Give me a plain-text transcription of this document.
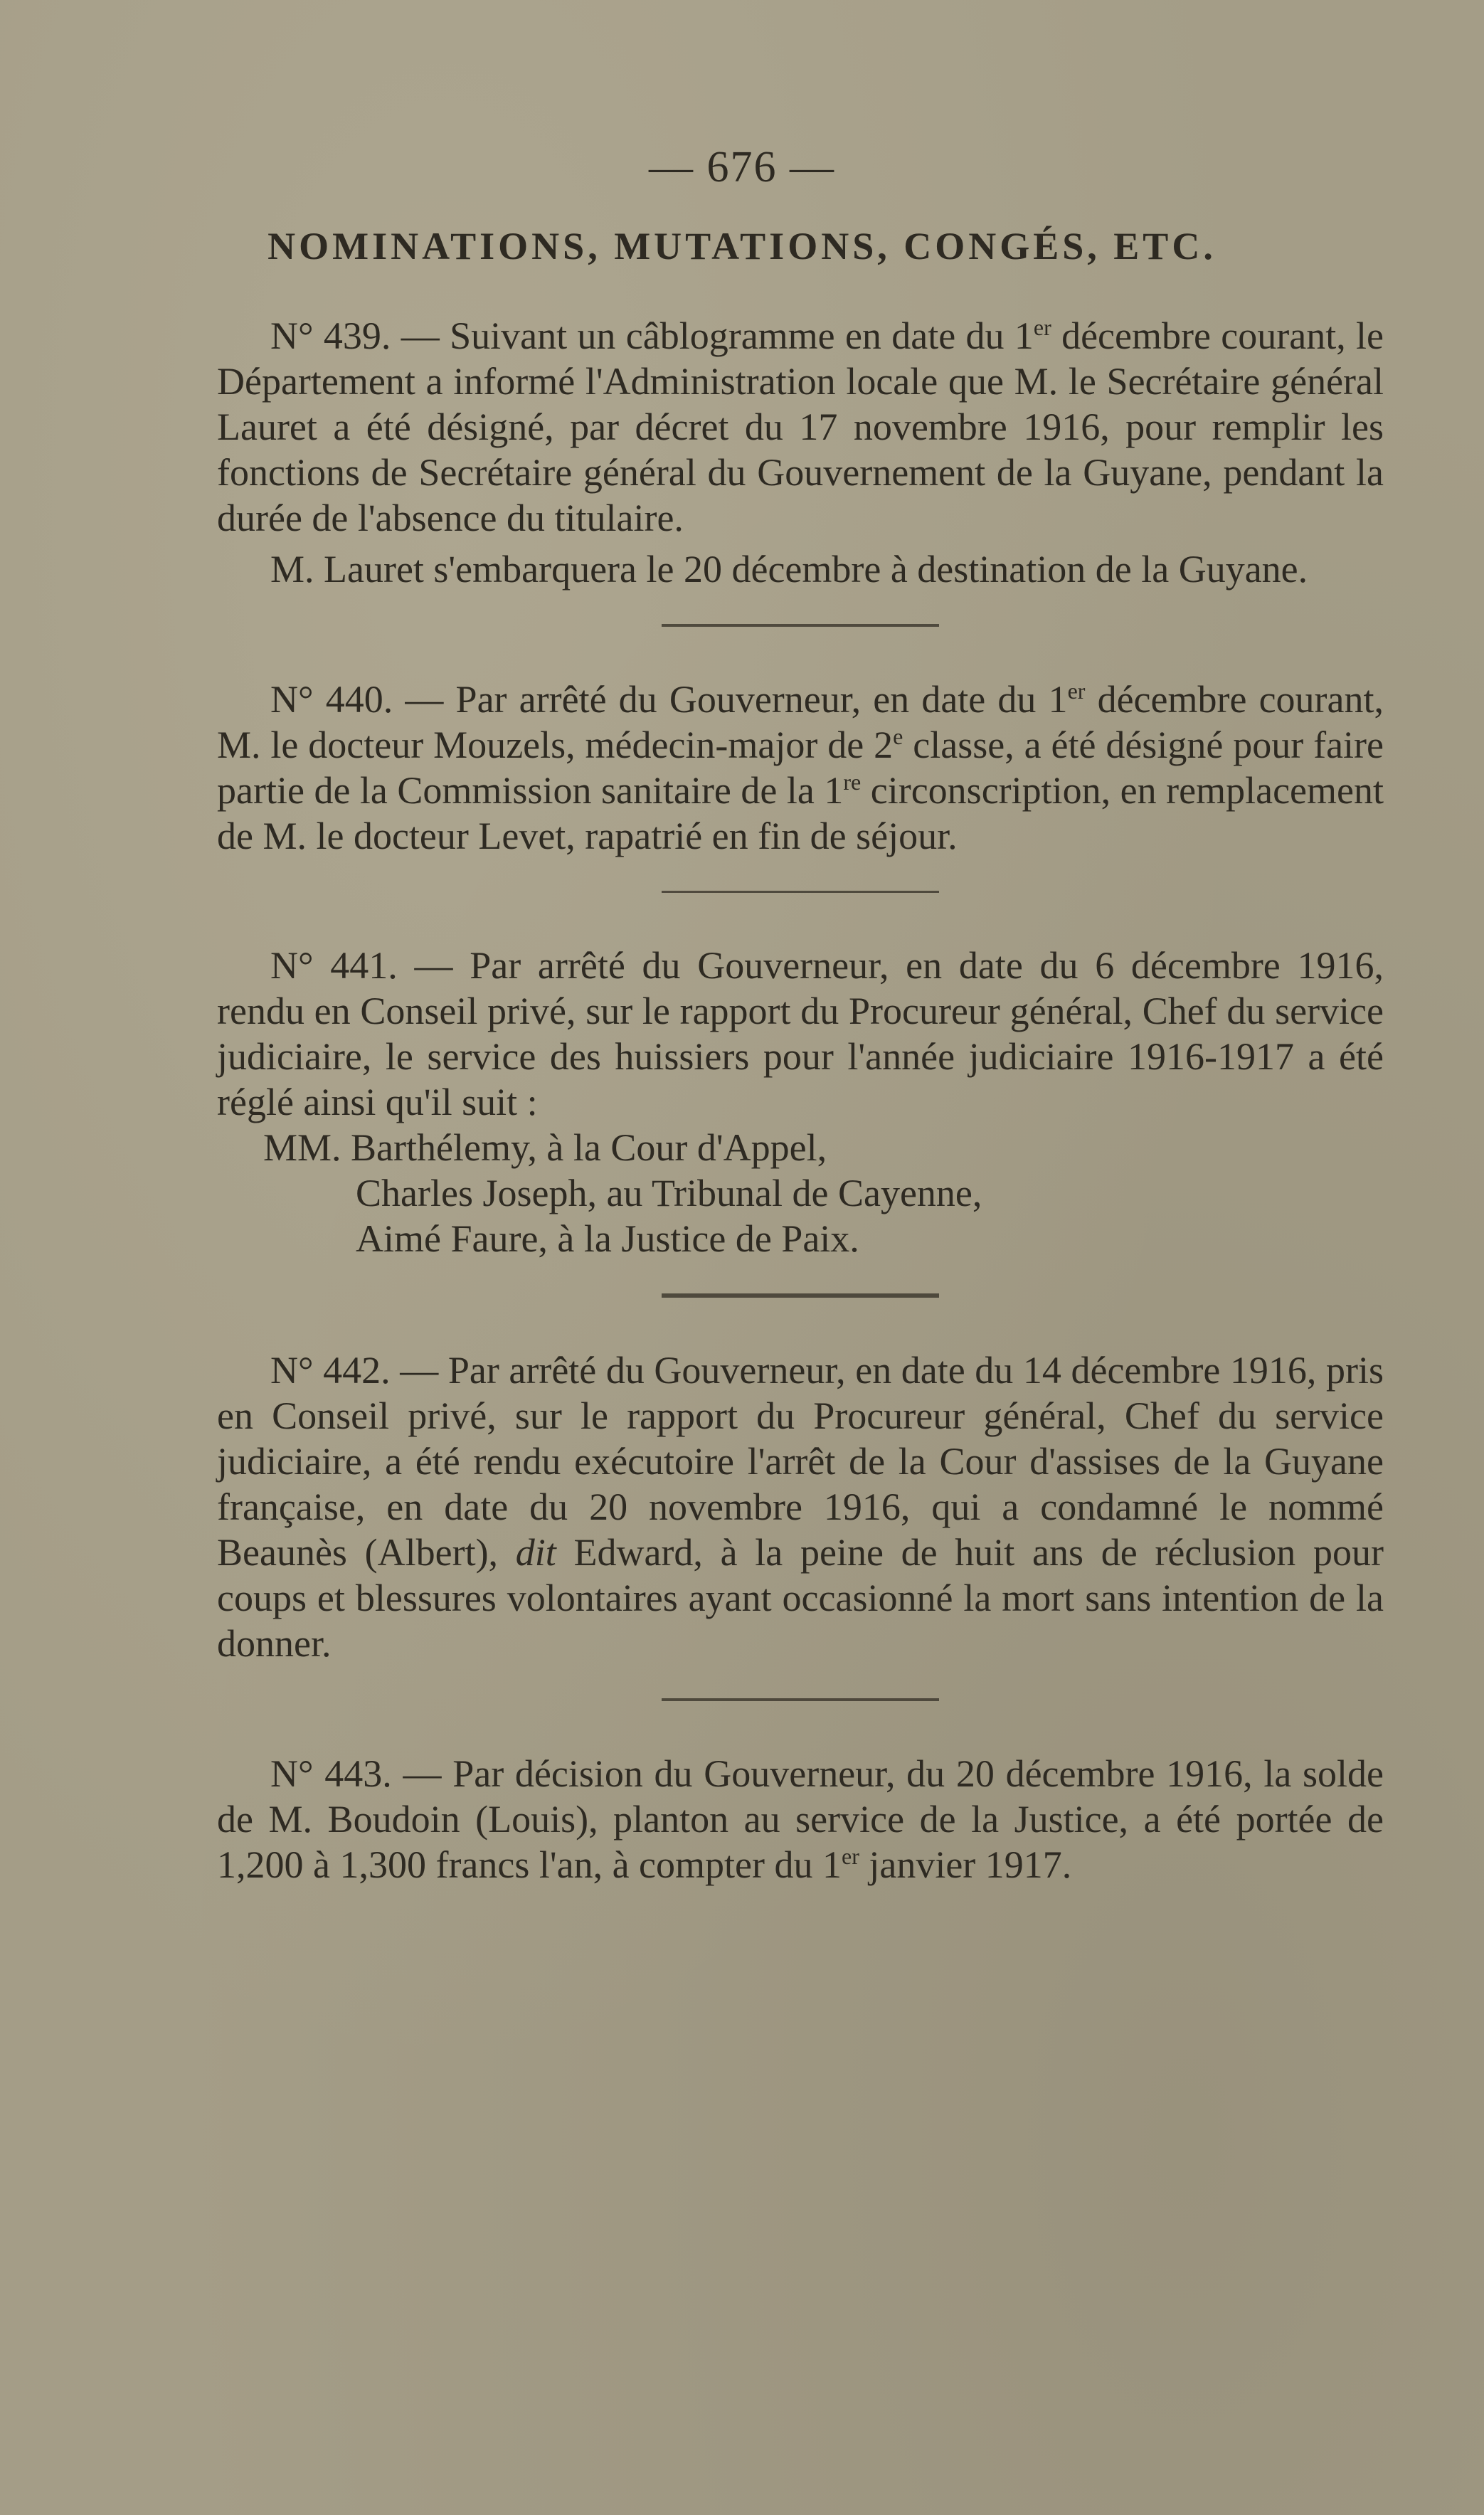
— 676 —
NOMINATIONS, MUTATIONS, CONGÉS, ETC.

N° 439. — Suivant un câblogramme en date du 1er décembre courant, le Département a informé l'Administration locale que M. le Secrétaire général Lauret a été désigné, par décret du 17 novembre 1916, pour remplir les fonctions de Secrétaire général du Gouvernement de la Guyane, pendant la durée de l'absence du titulaire.

M. Lauret s'embarquera le 20 décembre à destination de la Guyane.

N° 440. — Par arrêté du Gouverneur, en date du 1er décembre courant, M. le docteur Mouzels, médecin-major de 2e classe, a été désigné pour faire partie de la Commission sanitaire de la 1re circonscription, en remplacement de M. le docteur Levet, rapatrié en fin de séjour.

N° 441. — Par arrêté du Gouverneur, en date du 6 décembre 1916, rendu en Conseil privé, sur le rapport du Procureur général, Chef du service judiciaire, le service des huissiers pour l'année judiciaire 1916-1917 a été réglé ainsi qu'il suit :

MM. Barthélemy, à la Cour d'Appel,
Charles Joseph, au Tribunal de Cayenne,
Aimé Faure, à la Justice de Paix.

N° 442. — Par arrêté du Gouverneur, en date du 14 décembre 1916, pris en Conseil privé, sur le rapport du Procureur général, Chef du service judiciaire, a été rendu exécutoire l'arrêt de la Cour d'assises de la Guyane française, en date du 20 novembre 1916, qui a condamné le nommé Beaunès (Albert), dit Edward, à la peine de huit ans de réclusion pour coups et blessures volontaires ayant occasionné la mort sans intention de la donner.

N° 443. — Par décision du Gouverneur, du 20 décembre 1916, la solde de M. Boudoin (Louis), planton au service de la Justice, a été portée de 1,200 à 1,300 francs l'an, à compter du 1er janvier 1917.
